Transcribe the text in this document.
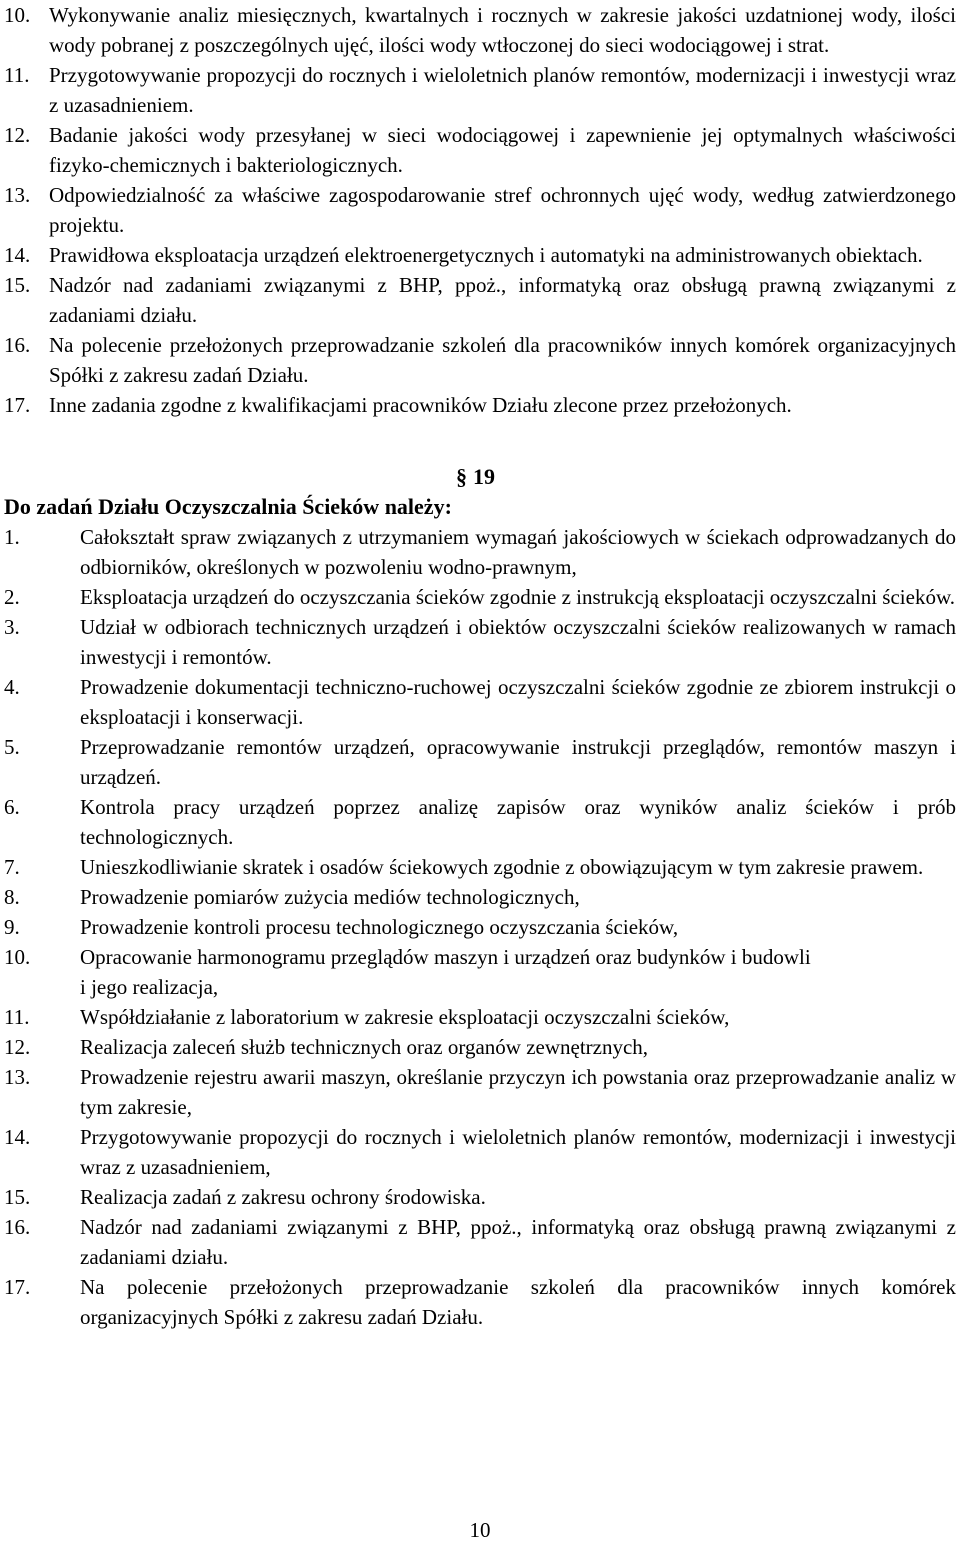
10. Wykonywanie analiz miesięcznych, kwartalnych i rocznych w zakresie jakości uzdatnionej wody, ilości wody pobranej z poszczególnych ujęć, ilości wody wtłoczonej do sieci wodociągowej i strat.
11. Przygotowywanie propozycji do rocznych i wieloletnich planów remontów, modernizacji i inwestycji wraz z uzasadnieniem.
12. Badanie jakości wody przesyłanej w sieci wodociągowej i zapewnienie jej optymalnych właściwości fizyko-chemicznych i bakteriologicznych.
13. Odpowiedzialność za właściwe zagospodarowanie stref ochronnych ujęć wody, według zatwierdzonego projektu.
14. Prawidłowa eksploatacja urządzeń elektroenergetycznych i automatyki na administrowanych obiektach.
15. Nadzór nad zadaniami związanymi z BHP, ppoż., informatyką oraz obsługą prawną związanymi z zadaniami działu.
16. Na polecenie przełożonych przeprowadzanie szkoleń dla pracowników innych komórek organizacyjnych Spółki z zakresu zadań Działu.
17. Inne zadania zgodne z kwalifikacjami pracowników Działu zlecone przez przełożonych.
§ 19
Do zadań Działu Oczyszczalnia Ścieków należy:
1.	Całokształt spraw związanych z utrzymaniem wymagań jakościowych w ściekach odprowadzanych do odbiorników, określonych w pozwoleniu wodno-prawnym,
2.	Eksploatacja urządzeń do oczyszczania ścieków zgodnie z instrukcją eksploatacji oczyszczalni ścieków.
3.	Udział w odbiorach technicznych urządzeń i obiektów oczyszczalni ścieków realizowanych w ramach inwestycji i remontów.
4.	Prowadzenie dokumentacji techniczno-ruchowej oczyszczalni ścieków zgodnie ze zbiorem instrukcji o eksploatacji i konserwacji.
5.	Przeprowadzanie remontów urządzeń, opracowywanie instrukcji przeglądów, remontów maszyn i urządzeń.
6.	Kontrola pracy urządzeń poprzez analizę zapisów oraz wyników analiz ścieków i prób technologicznych.
7.	Unieszkodliwianie skratek i osadów ściekowych zgodnie z obowiązującym w tym zakresie prawem.
8.	Prowadzenie pomiarów zużycia mediów technologicznych,
9.	Prowadzenie kontroli procesu technologicznego oczyszczania ścieków,
10.	Opracowanie harmonogramu przeglądów maszyn i urządzeń oraz budynków i budowli
i jego realizacja,
11.	Współdziałanie z laboratorium w zakresie eksploatacji oczyszczalni ścieków,
12.	Realizacja zaleceń służb technicznych oraz organów zewnętrznych,
13.	Prowadzenie rejestru awarii maszyn, określanie przyczyn ich powstania oraz przeprowadzanie analiz w tym zakresie,
14.	Przygotowywanie propozycji do rocznych i wieloletnich planów remontów, modernizacji i inwestycji wraz z uzasadnieniem,
15.	Realizacja zadań z zakresu ochrony środowiska.
16.	Nadzór nad zadaniami związanymi z BHP, ppoż., informatyką oraz obsługą prawną związanymi z zadaniami działu.
17.	Na polecenie przełożonych przeprowadzanie szkoleń dla pracowników innych komórek organizacyjnych Spółki z zakresu zadań Działu.
10
